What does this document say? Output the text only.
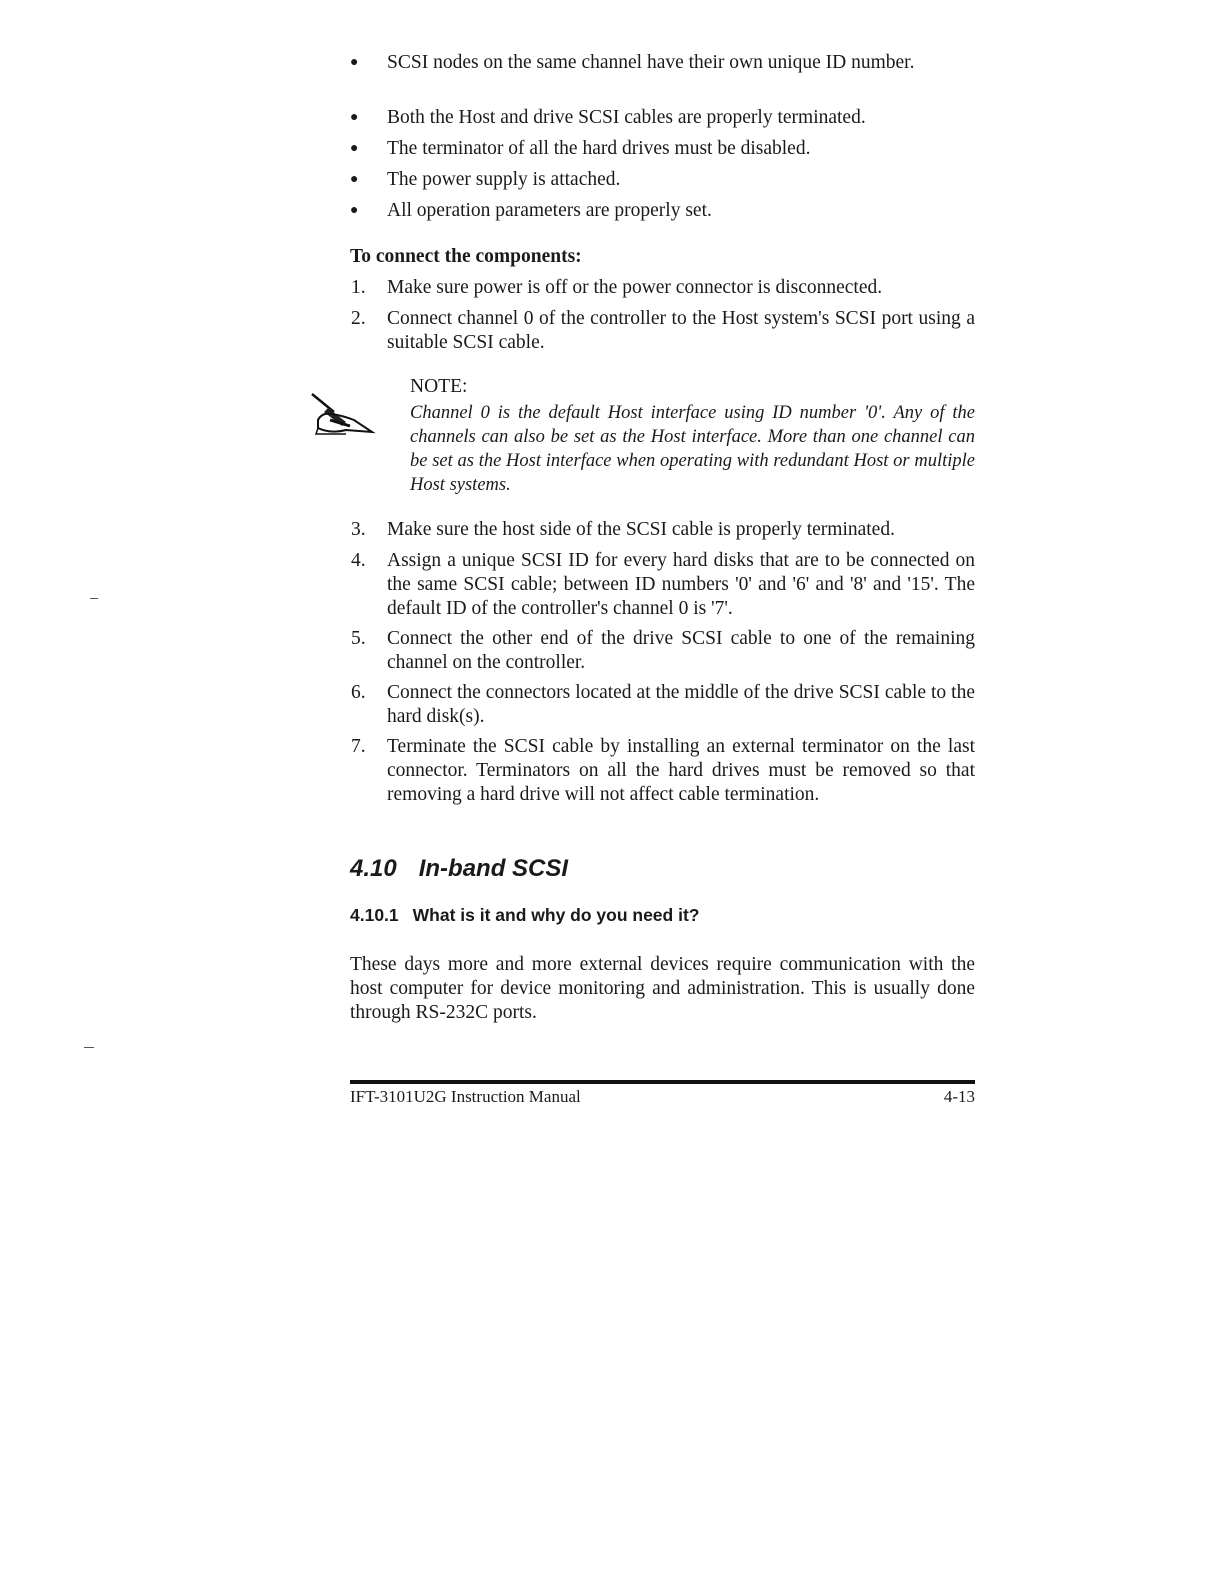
● SCSI nodes on the same channel have their own unique ID number.
● Both the Host and drive SCSI cables are properly terminated.
● The terminator of all the hard drives must be disabled.
● The power supply is attached.
● All operation parameters are properly set.
To connect the components:
1. Make sure power is off or the power connector is disconnected.
2. Connect channel 0 of the controller to the Host system's SCSI port using a suitable SCSI cable.
NOTE:
Channel 0 is the default Host interface using ID number '0'. Any of the channels can also be set as the Host interface. More than one channel can be set as the Host interface when operating with redundant Host or multiple Host systems.
3. Make sure the host side of the SCSI cable is properly terminated.
4. Assign a unique SCSI ID for every hard disks that are to be connected on the same SCSI cable; between ID numbers '0' and '6' and '8' and '15'. The default ID of the controller's channel 0 is '7'.
5. Connect the other end of the drive SCSI cable to one of the remaining channel on the controller.
6. Connect the connectors located at the middle of the drive SCSI cable to the hard disk(s).
7. Terminate the SCSI cable by installing an external terminator on the last connector. Terminators on all the hard drives must be removed so that removing a hard drive will not affect cable termination.
4.10 In-band SCSI
4.10.1 What is it and why do you need it?
These days more and more external devices require communication with the host computer for device monitoring and administration. This is usually done through RS-232C ports.
IFT-3101U2G Instruction Manual	4-13
